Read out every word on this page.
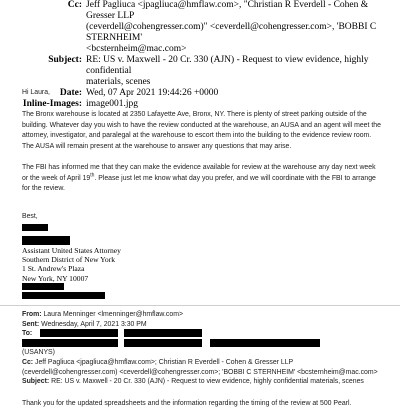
Cc: Jeff Pagliuca <jpagliuca@hmflaw.com>, "Christian R Everdell - Cohen & Gresser LLP
(ceverdell@cohengresser.com)" <ceverdell@cohengresser.com>, 'BOBBI C STERNHEIM'
<bcsternheim@mac.com>
Subject: RE: US v. Maxwell - 20 Cr. 330 (AJN) - Request to view evidence, highly confidential
materials, scenes
Date: Wed, 07 Apr 2021 19:44:26 +0000
Inline-Images: image001.jpg
Hi Laura,
The Bronx warehouse is located at 2350 Lafayette Ave, Bronx, NY. There is plenty of street parking outside of the building. Whatever day you wish to have the review conducted at the warehouse, an AUSA and an agent will meet the attorney, investigator, and paralegal at the warehouse to escort them into the building to the evidence review room. The AUSA will remain present at the warehouse to answer any questions that may arise.
The FBI has informed me that they can make the evidence available for review at the warehouse any day next week or the week of April 19th. Please just let me know what day you prefer, and we will coordinate with the FBI to arrange for the review.
Best,
Assistant United States Attorney
Southern District of New York
1 St. Andrew's Plaza
New York, NY 10007
From: Laura Menninger <lmenninger@hmflaw.com>
Sent: Wednesday, April 7, 2021 3:30 PM
To:
(USANYS)
Cc: Jeff Pagliuca <jpagliuca@hmflaw.com>; Christian R Everdell - Cohen & Gresser LLP (ceverdell@cohengresser.com) <ceverdell@cohengresser.com>; 'BOBBI C STERNHEIM' <bcsternheim@mac.com>
Subject: RE: US v. Maxwell - 20 Cr. 330 (AJN) - Request to view evidence, highly confidential materials, scenes
Thank you for the updated spreadsheets and the information regarding the timing of the review at 500 Pearl.
